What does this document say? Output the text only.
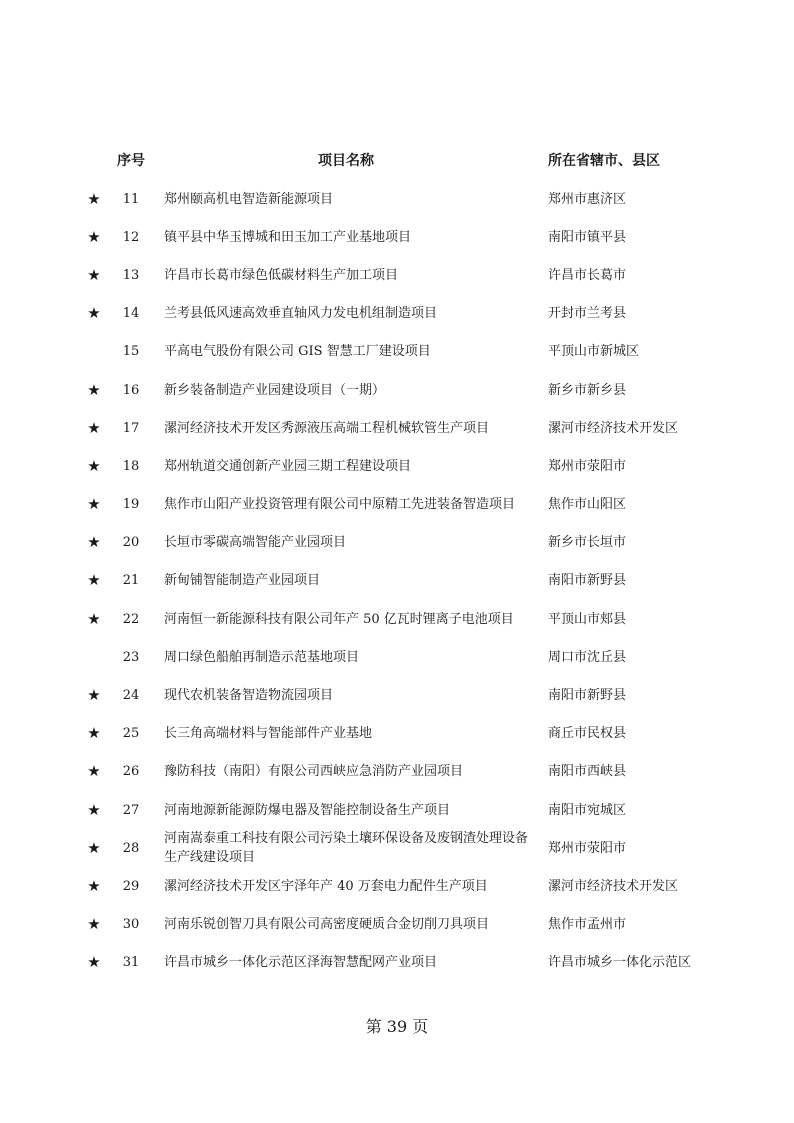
	序号	项目名称	所在省辖市、县区
★	11	郑州颐高机电智造新能源项目	郑州市惠济区
★	12	镇平县中华玉博城和田玉加工产业基地项目	南阳市镇平县
★	13	许昌市长葛市绿色低碳材料生产加工项目	许昌市长葛市
★	14	兰考县低风速高效垂直轴风力发电机组制造项目	开封市兰考县
	15	平高电气股份有限公司 GIS 智慧工厂建设项目	平顶山市新城区
★	16	新乡装备制造产业园建设项目（一期）	新乡市新乡县
★	17	漯河经济技术开发区秀源液压高端工程机械软管生产项目	漯河市经济技术开发区
★	18	郑州轨道交通创新产业园三期工程建设项目	郑州市荥阳市
★	19	焦作市山阳产业投资管理有限公司中原精工先进装备智造项目	焦作市山阳区
★	20	长垣市零碳高端智能产业园项目	新乡市长垣市
★	21	新甸铺智能制造产业园项目	南阳市新野县
★	22	河南恒一新能源科技有限公司年产 50 亿瓦时锂离子电池项目	平顶山市郏县
	23	周口绿色船舶再制造示范基地项目	周口市沈丘县
★	24	现代农机装备智造物流园项目	南阳市新野县
★	25	长三角高端材料与智能部件产业基地	商丘市民权县
★	26	豫防科技（南阳）有限公司西峡应急消防产业园项目	南阳市西峡县
★	27	河南地源新能源防爆电器及智能控制设备生产项目	南阳市宛城区
★	28	河南嵩泰重工科技有限公司污染土壤环保设备及废钢渣处理设备生产线建设项目	郑州市荥阳市
★	29	漯河经济技术开发区宇泽年产 40 万套电力配件生产项目	漯河市经济技术开发区
★	30	河南乐锐创智刀具有限公司高密度硬质合金切削刀具项目	焦作市孟州市
★	31	许昌市城乡一体化示范区泽海智慧配网产业项目	许昌市城乡一体化示范区
第 39 页
